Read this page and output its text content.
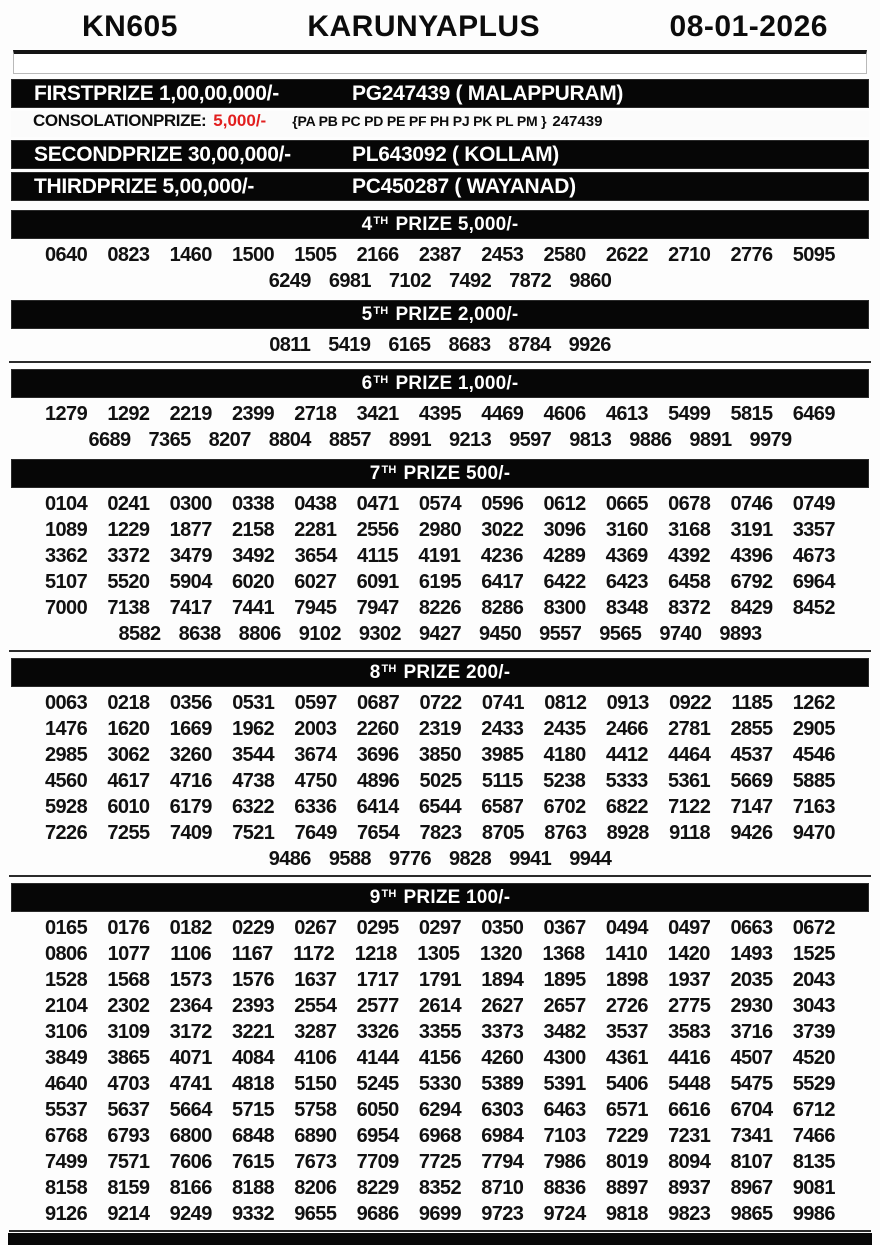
KN605	KARUNYAPLUS	08-01-2026
FIRSTPRIZE 1,00,00,000/-	PG247439 ( MALAPPURAM)
CONSOLATIONPRIZE: 5,000/- {PA PB PC PD PE PF PH PJ PK PL PM } 247439
SECONDPRIZE 30,00,000/-	PL643092 ( KOLLAM)
THIRDPRIZE 5,00,000/-	PC450287 ( WAYANAD)
4 TH PRIZE 5,000/-
0640 0823 1460 1500 1505 2166 2387 2453 2580 2622 2710 2776 5095
6249 6981 7102 7492 7872 9860
5 TH PRIZE 2,000/-
0811 5419 6165 8683 8784 9926
6 TH PRIZE 1,000/-
1279 1292 2219 2399 2718 3421 4395 4469 4606 4613 5499 5815 6469
6689 7365 8207 8804 8857 8991 9213 9597 9813 9886 9891 9979
7 TH PRIZE 500/-
0104 0241 0300 0338 0438 0471 0574 0596 0612 0665 0678 0746 0749
1089 1229 1877 2158 2281 2556 2980 3022 3096 3160 3168 3191 3357
3362 3372 3479 3492 3654 4115 4191 4236 4289 4369 4392 4396 4673
5107 5520 5904 6020 6027 6091 6195 6417 6422 6423 6458 6792 6964
7000 7138 7417 7441 7945 7947 8226 8286 8300 8348 8372 8429 8452
8582 8638 8806 9102 9302 9427 9450 9557 9565 9740 9893
8 TH PRIZE 200/-
0063 0218 0356 0531 0597 0687 0722 0741 0812 0913 0922 1185 1262
1476 1620 1669 1962 2003 2260 2319 2433 2435 2466 2781 2855 2905
2985 3062 3260 3544 3674 3696 3850 3985 4180 4412 4464 4537 4546
4560 4617 4716 4738 4750 4896 5025 5115 5238 5333 5361 5669 5885
5928 6010 6179 6322 6336 6414 6544 6587 6702 6822 7122 7147 7163
7226 7255 7409 7521 7649 7654 7823 8705 8763 8928 9118 9426 9470
9486 9588 9776 9828 9941 9944
9 TH PRIZE 100/-
0165 0176 0182 0229 0267 0295 0297 0350 0367 0494 0497 0663 0672
0806 1077 1106 1167 1172 1218 1305 1320 1368 1410 1420 1493 1525
1528 1568 1573 1576 1637 1717 1791 1894 1895 1898 1937 2035 2043
2104 2302 2364 2393 2554 2577 2614 2627 2657 2726 2775 2930 3043
3106 3109 3172 3221 3287 3326 3355 3373 3482 3537 3583 3716 3739
3849 3865 4071 4084 4106 4144 4156 4260 4300 4361 4416 4507 4520
4640 4703 4741 4818 5150 5245 5330 5389 5391 5406 5448 5475 5529
5537 5637 5664 5715 5758 6050 6294 6303 6463 6571 6616 6704 6712
6768 6793 6800 6848 6890 6954 6968 6984 7103 7229 7231 7341 7466
7499 7571 7606 7615 7673 7709 7725 7794 7986 8019 8094 8107 8135
8158 8159 8166 8188 8206 8229 8352 8710 8836 8897 8937 8967 9081
9126 9214 9249 9332 9655 9686 9699 9723 9724 9818 9823 9865 9986
